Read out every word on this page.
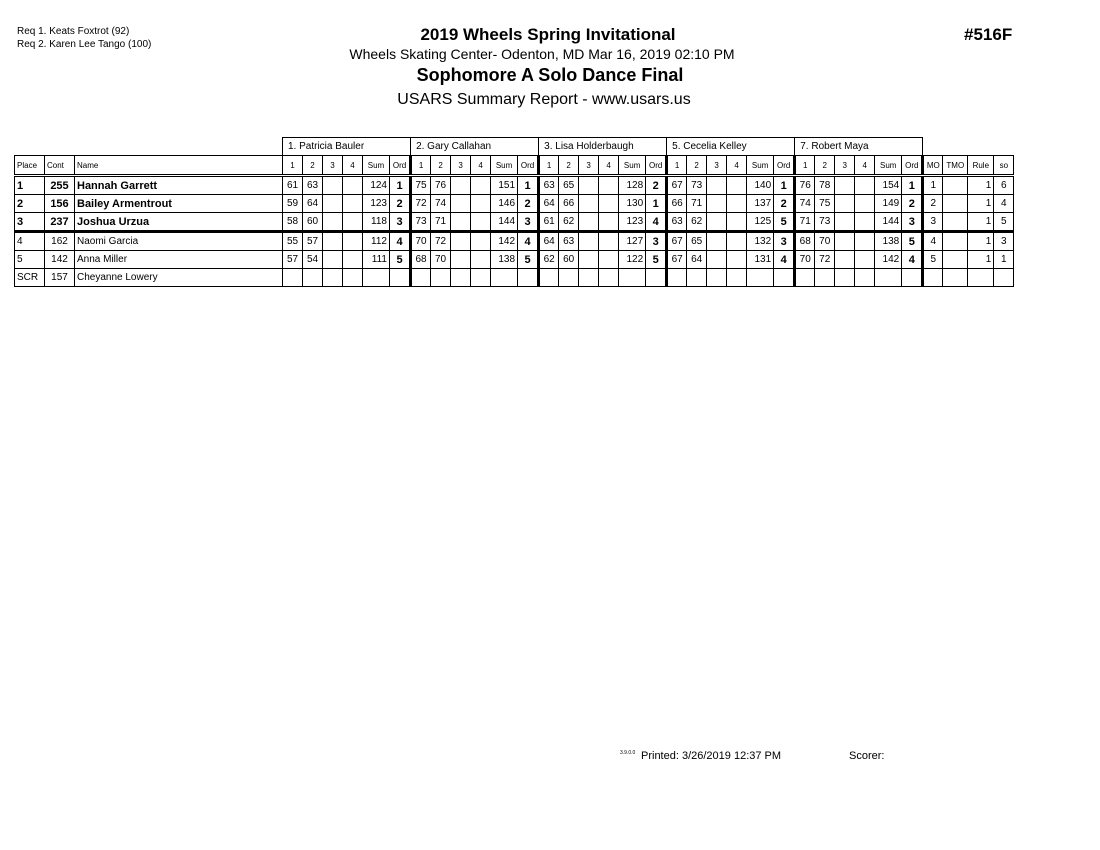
Req 1. Keats Foxtrot (92)
Req 2. Karen Lee Tango (100)
2019 Wheels Spring Invitational
Wheels Skating Center- Odenton, MD Mar 16, 2019 02:10 PM
Sophomore A Solo Dance Final
USARS Summary Report - www.usars.us
#516F
			1. Patricia Bauler						2. Gary Callahan						3. Lisa Holderbaugh						5. Cecelia Kelley						7. Robert Maya									
Place	Cont	Name	1	2	3	4	Sum	Ord	1	2	3	4	Sum	Ord	1	2	3	4	Sum	Ord	1	2	3	4	Sum	Ord	1	2	3	4	Sum	Ord	MO	TMO	Rule	so
1	255	Hannah Garrett	61	63			124	1	75	76			151	1	63	65			128	2	67	73			140	1	76	78			154	1	1		1	6
2	156	Bailey Armentrout	59	64			123	2	72	74			146	2	64	66			130	1	66	71			137	2	74	75			149	2	2		1	4
3	237	Joshua Urzua	58	60			118	3	73	71			144	3	61	62			123	4	63	62			125	5	71	73			144	3	3		1	5
4	162	Naomi Garcia	55	57			112	4	70	72			142	4	64	63			127	3	67	65			132	3	68	70			138	5	4		1	3
5	142	Anna Miller	57	54			111	5	68	70			138	5	62	60			122	5	67	64			131	4	70	72			142	4	5		1	1
SCR	157	Cheyanne Lowery																																		
3.9.0.0 Printed: 3/26/2019 12:37 PM	Scorer:
